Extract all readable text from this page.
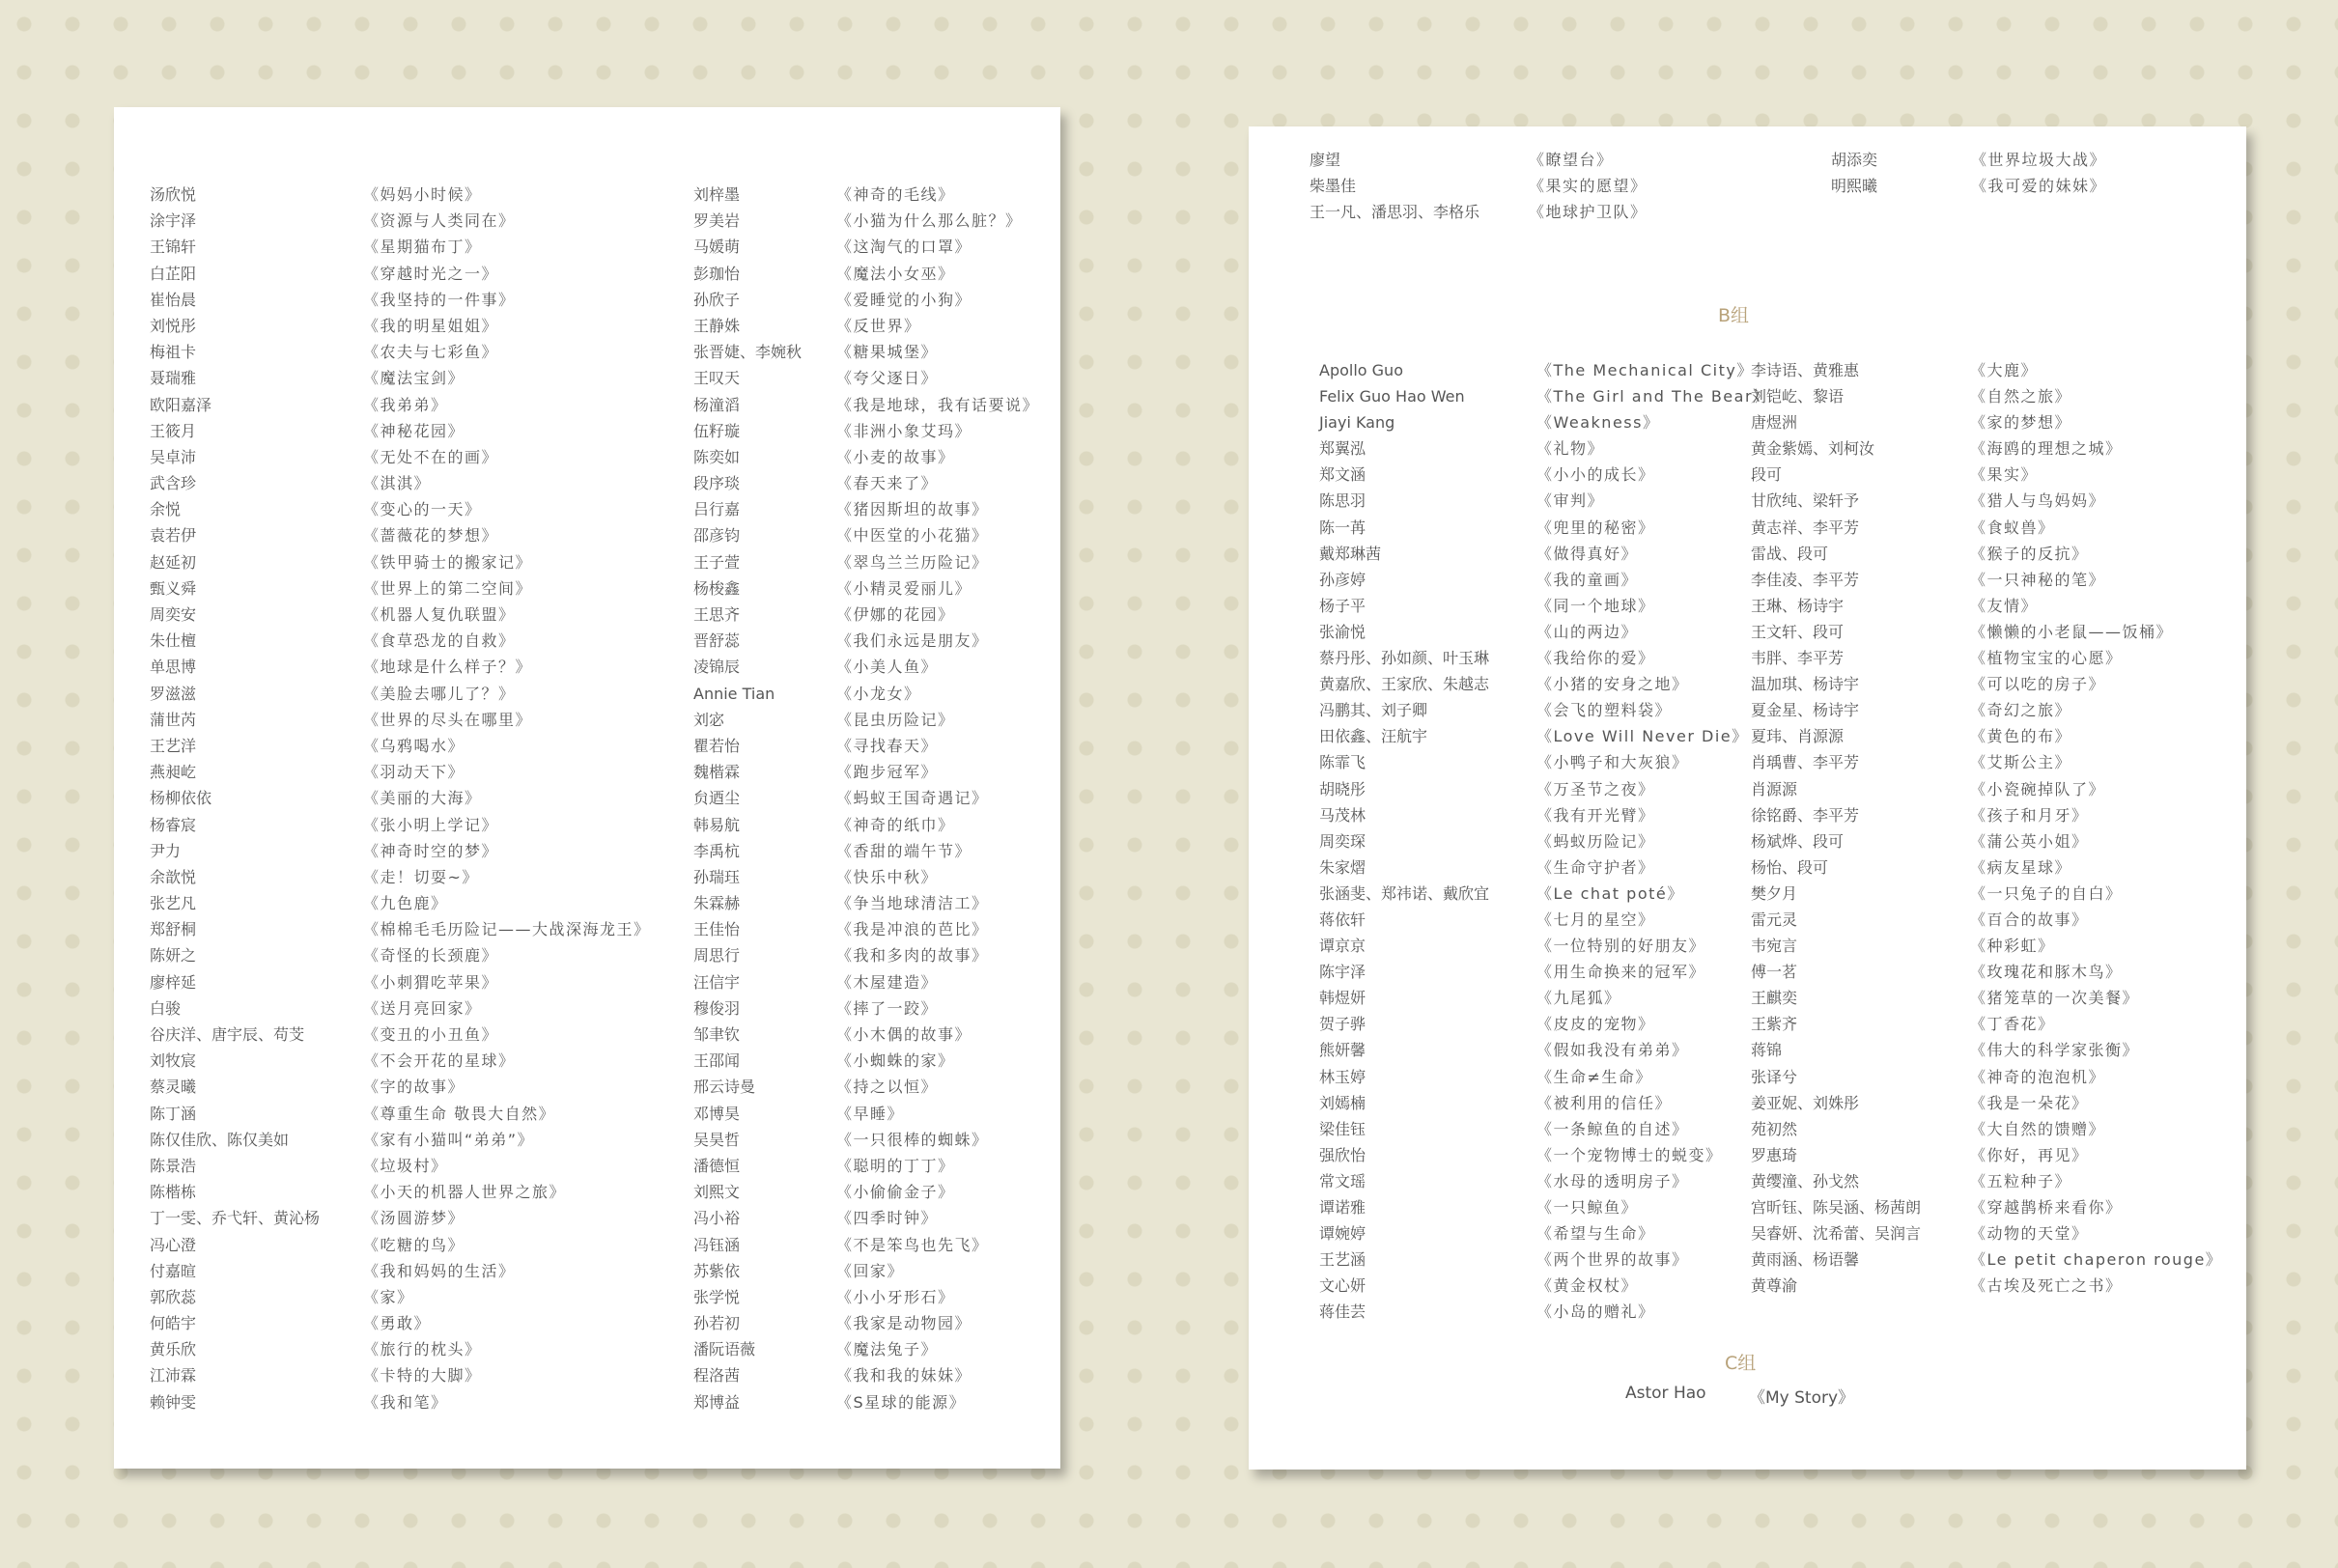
汤欣悦
涂宇泽
王锦轩
白芷阳
崔怡晨
刘悦彤
梅祖卡
聂瑞雅
欧阳嘉泽
王筱月
吴卓沛
武含珍
余悦
袁若伊
赵延初
甄义舜
周奕安
朱仕檀
单思博
罗滋滋
蒲世芮
王艺洋
燕昶屹
杨柳依依
杨睿宸
尹力
余歆悦
张艺凡
郑舒桐
陈妍之
廖梓延
白骏
谷庆洋、唐宇辰、苟芠
刘牧宸
蔡灵曦
陈丁涵
陈仅佳欣、陈仅美如
陈景浩
陈楷栋
丁一雯、乔弋轩、黄沁杨
冯心澄
付嘉暄
郭欣蕊
何皓宇
黄乐欣
江沛霖
赖钟雯
《妈妈小时候》
《资源与人类同在》
《星期猫布丁》
《穿越时光之一》
《我坚持的一件事》
《我的明星姐姐》
《农夫与七彩鱼》
《魔法宝剑》
《我弟弟》
《神秘花园》
《无处不在的画》
《淇淇》
《变心的一天》
《蔷薇花的梦想》
《铁甲骑士的搬家记》
《世界上的第二空间》
《机器人复仇联盟》
《食草恐龙的自救》
《地球是什么样子？》
《美脸去哪儿了？》
《世界的尽头在哪里》
《乌鸦喝水》
《羽动天下》
《美丽的大海》
《张小明上学记》
《神奇时空的梦》
《走！切耍~》
《九色鹿》
《棉棉毛毛历险记——大战深海龙王》
《奇怪的长颈鹿》
《小刺猬吃苹果》
《送月亮回家》
《变丑的小丑鱼》
《不会开花的星球》
《字的故事》
《尊重生命 敬畏大自然》
《家有小猫叫“弟弟”》
《垃圾村》
《小天的机器人世界之旅》
《汤圆游梦》
《吃糖的鸟》
《我和妈妈的生活》
《家》
《勇敢》
《旅行的枕头》
《卡特的大脚》
《我和笔》
刘梓墨
罗美岩
马媛萌
彭珈怡
孙欣子
王静姝
张晋婕、李婉秋
王叹天
杨潼滔
伍籽璇
陈奕如
段序琰
吕行嘉
邵彦钧
王子萱
杨梭鑫
王思齐
晋舒蕊
凌锦辰
Annie Tian
刘宓
瞿若怡
魏楷霖
贠迺尘
韩易航
李禹杭
孙瑞珏
朱霖赫
王佳怡
周思行
汪信宇
穆俊羽
邹聿钦
王邵闻
邢云诗曼
邓博昊
吴昊哲
潘德恒
刘熙文
冯小裕
冯钰涵
苏紫依
张学悦
孙若初
潘阮语薇
程洛茜
郑博益
《神奇的毛线》
《小猫为什么那么脏？》
《这淘气的口罩》
《魔法小女巫》
《爱睡觉的小狗》
《反世界》
《糖果城堡》
《夸父逐日》
《我是地球，我有话要说》
《非洲小象艾玛》
《小麦的故事》
《春天来了》
《猪因斯坦的故事》
《中医堂的小花猫》
《翠鸟兰兰历险记》
《小精灵爱丽儿》
《伊娜的花园》
《我们永远是朋友》
《小美人鱼》
《小龙女》
《昆虫历险记》
《寻找春天》
《跑步冠军》
《蚂蚁王国奇遇记》
《神奇的纸巾》
《香甜的端午节》
《快乐中秋》
《争当地球清洁工》
《我是冲浪的芭比》
《我和多肉的故事》
《木屋建造》
《摔了一跤》
《小木偶的故事》
《小蜘蛛的家》
《持之以恒》
《早睡》
《一只很棒的蜘蛛》
《聪明的丁丁》
《小偷偷金子》
《四季时钟》
《不是笨鸟也先飞》
《回家》
《小小牙形石》
《我家是动物园》
《魔法兔子》
《我和我的妹妹》
《S星球的能源》
廖望
柴墨佳
王一凡、潘思羽、李格乐
《瞭望台》
《果实的愿望》
《地球护卫队》
胡添奕
明熙曦
《世界垃圾大战》
《我可爱的妹妹》
B组
Apollo Guo
Felix Guo Hao Wen
Jiayi Kang
郑翼泓
郑文涵
陈思羽
陈一苒
戴郑琳茜
孙彦婷
杨子平
张渝悦
蔡丹彤、孙如颜、叶玉琳
黄嘉欣、王家欣、朱越志
冯鹏其、刘子卿
田依鑫、汪航宇
陈霏飞
胡晓彤
马茂林
周奕琛
朱家熠
张涵斐、郑祎诺、戴欣宜
蒋依轩
谭京京
陈宇泽
韩煜妍
贺子骅
熊妍馨
林玉婷
刘嫣楠
梁佳钰
强欣怡
常文瑶
谭诺雅
谭婉婷
王艺涵
文心妍
蒋佳芸
《The Mechanical City》
《The Girl and The Bear》
《Weakness》
《礼物》
《小小的成长》
《审判》
《兜里的秘密》
《做得真好》
《我的童画》
《同一个地球》
《山的两边》
《我给你的爱》
《小猪的安身之地》
《会飞的塑料袋》
《Love Will Never Die》
《小鸭子和大灰狼》
《万圣节之夜》
《我有开光臂》
《蚂蚁历险记》
《生命守护者》
《Le chat poté》
《七月的星空》
《一位特别的好朋友》
《用生命换来的冠军》
《九尾狐》
《皮皮的宠物》
《假如我没有弟弟》
《生命≠生命》
《被利用的信任》
《一条鲸鱼的自述》
《一个宠物博士的蜕变》
《水母的透明房子》
《一只鲸鱼》
《希望与生命》
《两个世界的故事》
《黄金权杖》
《小岛的赠礼》
李诗语、黄雅惠
刘铠屹、黎语
唐煜洲
黄金紫嫣、刘柯汝
段可
甘欣纯、梁轩予
黄志祥、李平芳
雷战、段可
李佳凌、李平芳
王琳、杨诗宇
王文轩、段可
韦胖、李平芳
温加琪、杨诗宇
夏金星、杨诗宇
夏玮、肖源源
肖瑀曹、李平芳
肖源源
徐铭爵、李平芳
杨斌烨、段可
杨怡、段可
樊夕月
雷元灵
韦宛言
傅一茗
王麒奕
王紫齐
蒋锦
张译兮
姜亚妮、刘姝彤
苑初然
罗惠琦
黄缨潼、孙戈然
宫昕钰、陈吴涵、杨茜朗
吴睿妍、沈希蕾、吴润言
黄雨涵、杨语馨
黄尊渝
《大鹿》
《自然之旅》
《家的梦想》
《海鸥的理想之城》
《果实》
《猎人与鸟妈妈》
《食蚁兽》
《猴子的反抗》
《一只神秘的笔》
《友情》
《懒懒的小老鼠——饭桶》
《植物宝宝的心愿》
《可以吃的房子》
《奇幻之旅》
《黄色的布》
《艾斯公主》
《小瓷碗掉队了》
《孩子和月牙》
《蒲公英小姐》
《病友星球》
《一只兔子的自白》
《百合的故事》
《种彩虹》
《玫瑰花和豚木鸟》
《猪笼草的一次美餐》
《丁香花》
《伟大的科学家张衡》
《神奇的泡泡机》
《我是一朵花》
《大自然的馈赠》
《你好，再见》
《五粒种子》
《穿越鹊桥来看你》
《动物的天堂》
《Le petit chaperon rouge》
《古埃及死亡之书》
C组
Astor Hao	《My Story》
